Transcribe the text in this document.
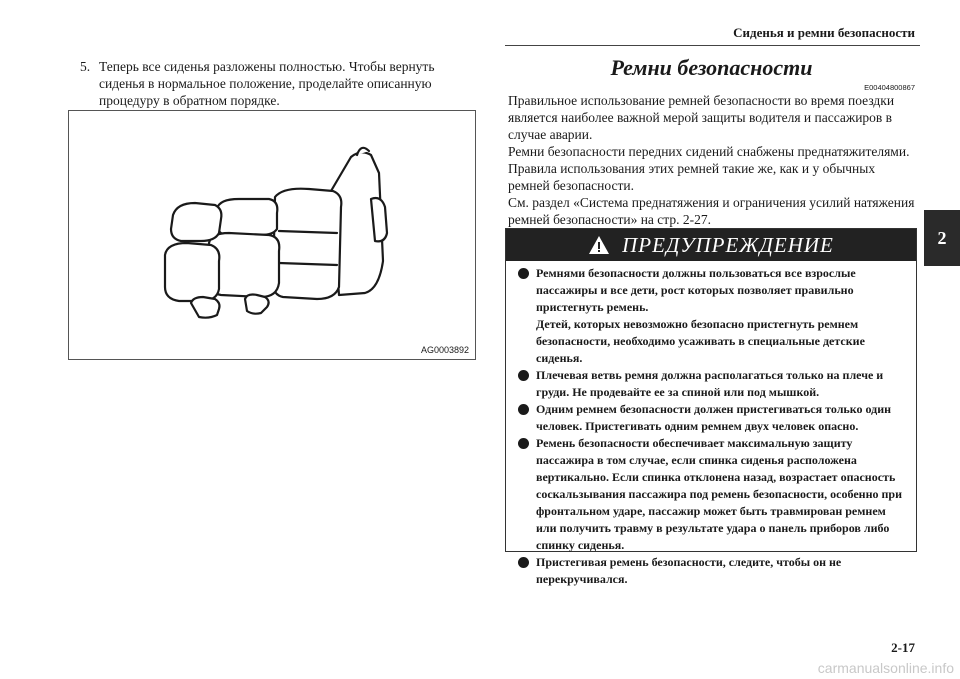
Сиденья и ремни безопасности
2
5. Теперь все сиденья разложены полностью. Чтобы вернуть сиденья в нормальное положение, проделайте описанную процедуру в обратном порядке.
AG0003892
Ремни безопасности
E00404800867

Правильное использование ремней безопасности во время поездки является наиболее важной мерой защиты водителя и пассажиров в случае аварии.

Ремни безопасности передних сидений снабжены преднатяжителями. Правила использования этих ремней такие же, как и у обычных ремней безопасности.

См. раздел «Система преднатяжения и ограничения усилий натяжения ремней безопасности» на стр. 2-27.

ПРЕДУПРЕЖДЕНИЕ

Ремнями безопасности должны пользоваться все взрослые пассажиры и все дети, рост которых позволяет правильно пристегнуть ремень.

Детей, которых невозможно безопасно пристегнуть ремнем безопасности, необходимо усаживать в специальные детские сиденья.

Плечевая ветвь ремня должна располагаться только на плече и груди. Не продевайте ее за спиной или под мышкой.

Одним ремнем безопасности должен пристегиваться только один человек. Пристегивать одним ремнем двух человек опасно.

Ремень безопасности обеспечивает максимальную защиту пассажира в том случае, если спинка сиденья расположена вертикально. Если спинка отклонена назад, возрастает опасность соскальзывания пассажира под ремень безопасности, особенно при фронтальном ударе, пассажир может быть травмирован ремнем или получить травму в результате удара о панель приборов либо спинку сиденья.

Пристегивая ремень безопасности, следите, чтобы он не перекручивался.

2-17
carmanualsonline.info
